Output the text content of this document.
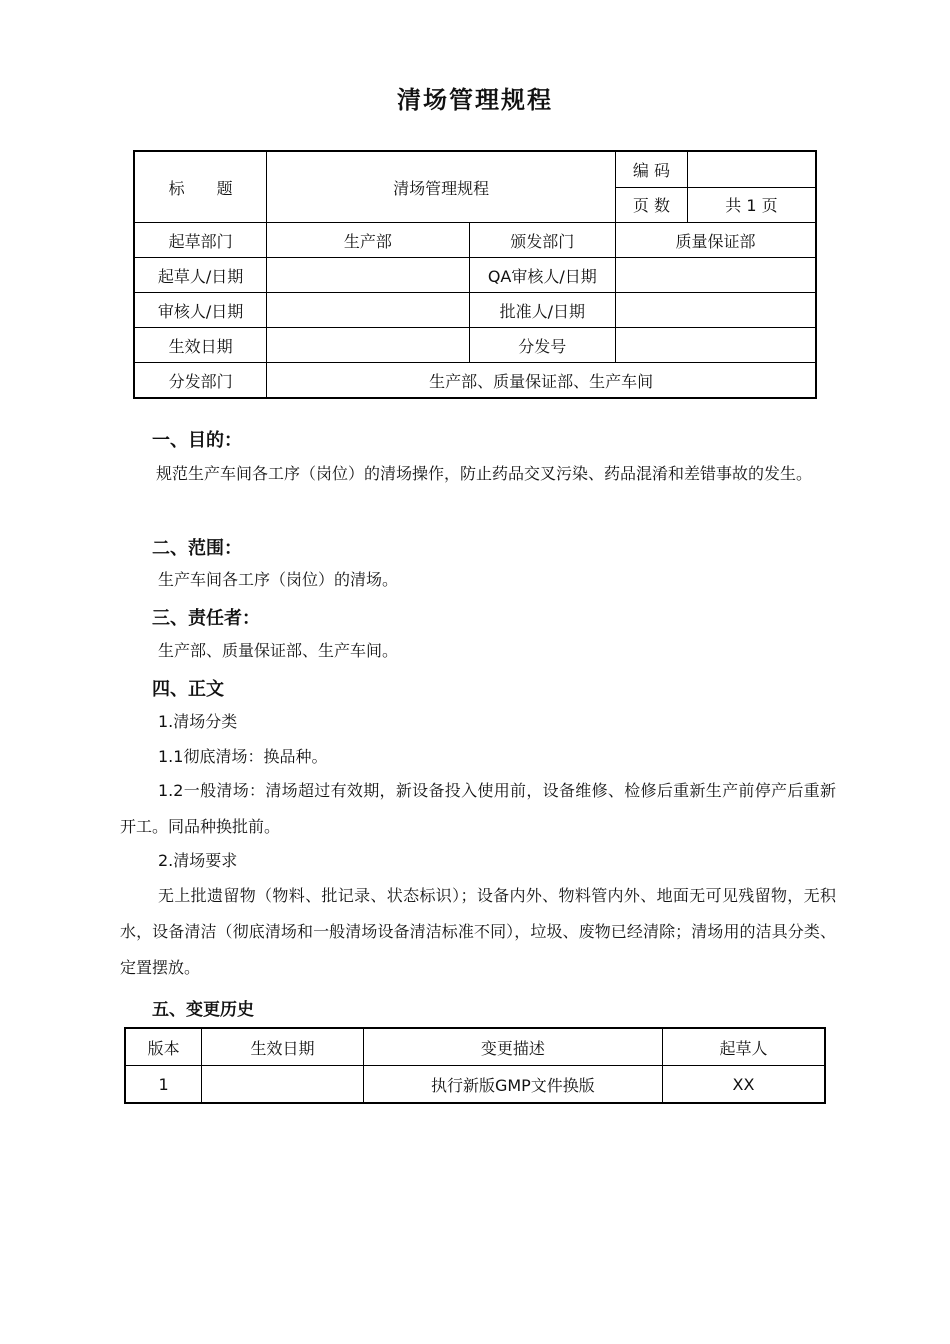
清场管理规程
标　　题	清场管理规程		编 码	
			页 数	共 1 页
起草部门	生产部	颁发部门	质量保证部	
起草人/日期		QA审核人/日期		
审核人/日期		批准人/日期		
生效日期		分发号		
分发部门	生产部、质量保证部、生产车间			
一、目的：
规范生产车间各工序（岗位）的清场操作，防止药品交叉污染、药品混淆和差错事故的发生。
二、范围：
生产车间各工序（岗位）的清场。
三、责任者：
生产部、质量保证部、生产车间。
四、正文
1.清场分类
1.1彻底清场：换品种。
1.2一般清场：清场超过有效期，新设备投入使用前，设备维修、检修后重新生产前停产后重新开工。同品种换批前。
2.清场要求
无上批遗留物（物料、批记录、状态标识）；设备内外、物料管内外、地面无可见残留物，无积水，设备清洁（彻底清场和一般清场设备清洁标准不同），垃圾、废物已经清除；清场用的洁具分类、定置摆放。
五、变更历史
版本	生效日期	变更描述	起草人
1		执行新版GMP文件换版	XX
